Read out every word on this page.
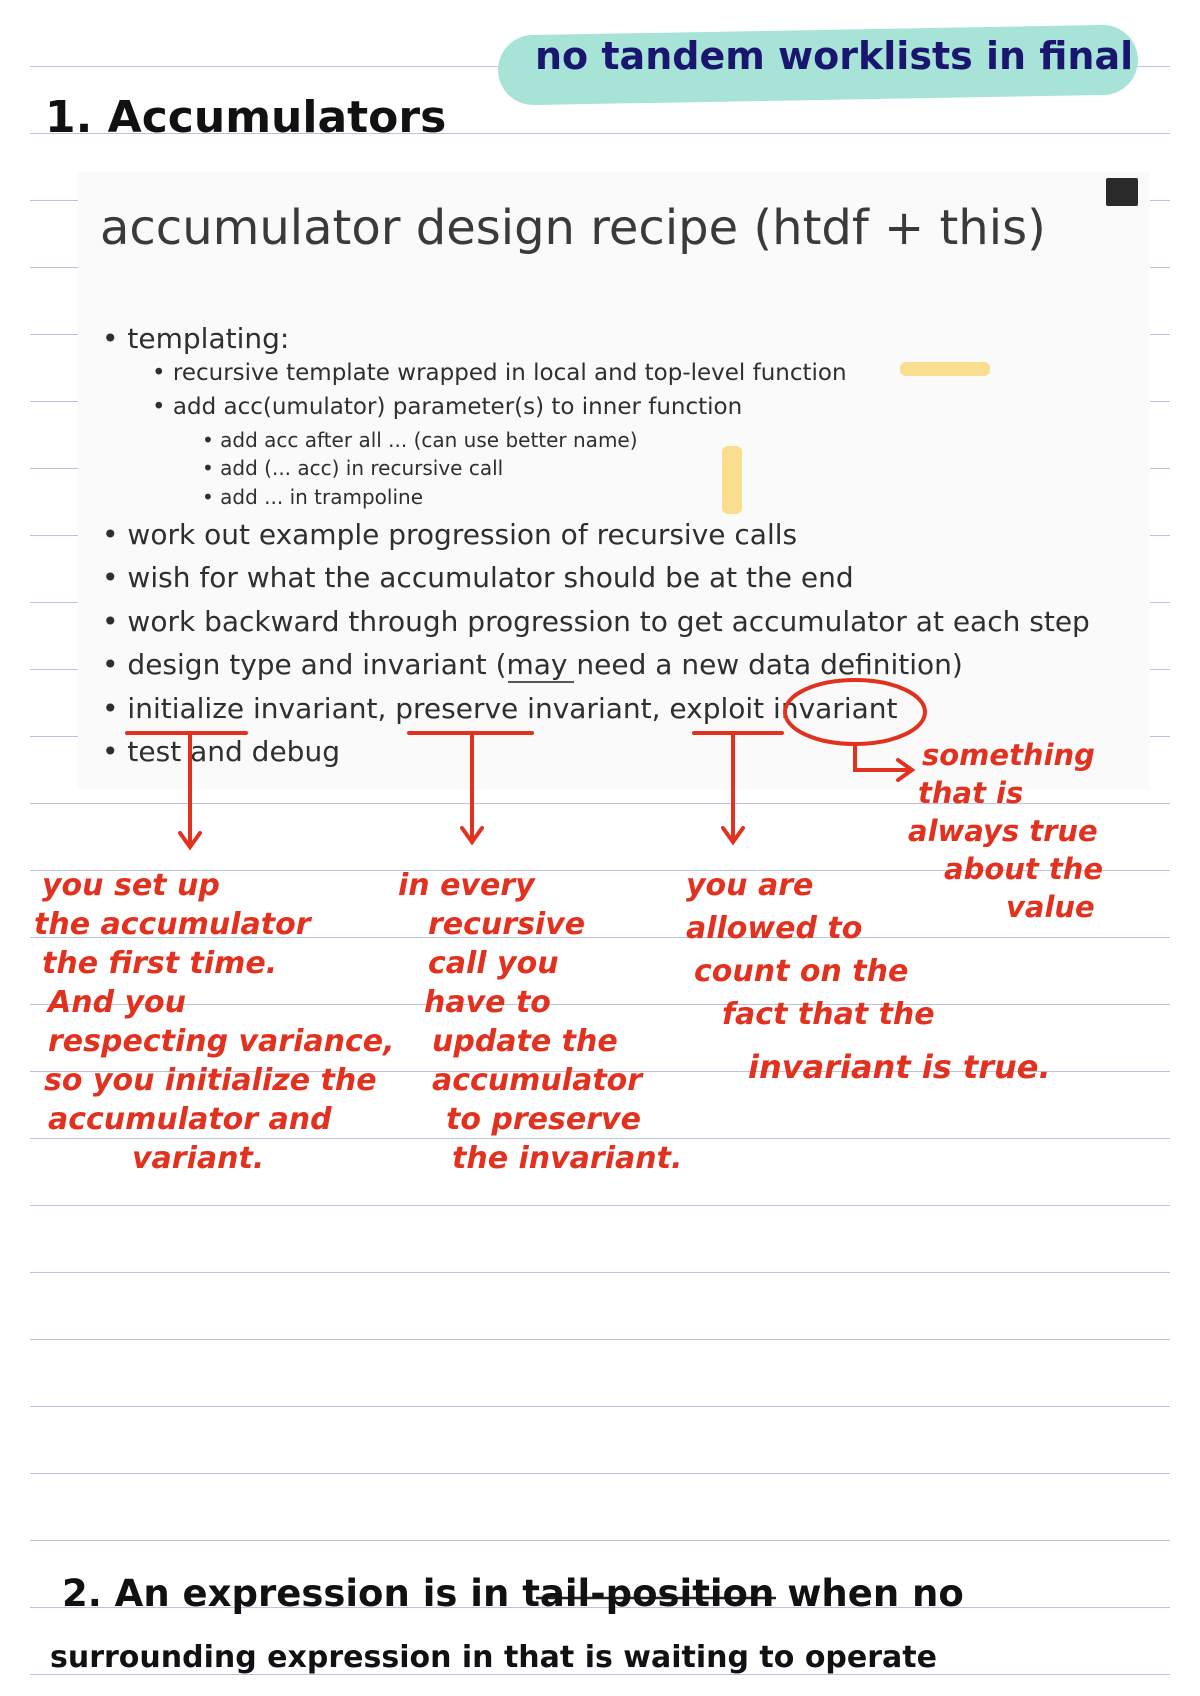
no tandem worklists in final
1. Accumulators
accumulator design recipe (htdf + this)
• templating:
• recursive template wrapped in local and top-level function
• add acc(umulator) parameter(s) to inner function
• add acc after all ... (can use better name)
• add (... acc) in recursive call
• add ... in trampoline
• work out example progression of recursive calls
• wish for what the accumulator should be at the end
• work backward through progression to get accumulator at each step
• design type and invariant (may need a new data definition)
• initialize invariant, preserve invariant, exploit invariant
• test and debug
you set up
the accumulator
the first time.
And you
respecting variance,
so you initialize the
accumulator and
variant.
in every
recursive
call you
have to
update the
accumulator
to preserve
the invariant.
you are
allowed to
count on the
fact that the
invariant is true.
something
that is
always true
about the
value
2. An expression is in tail-position when no
surrounding expression in that is waiting to operate
